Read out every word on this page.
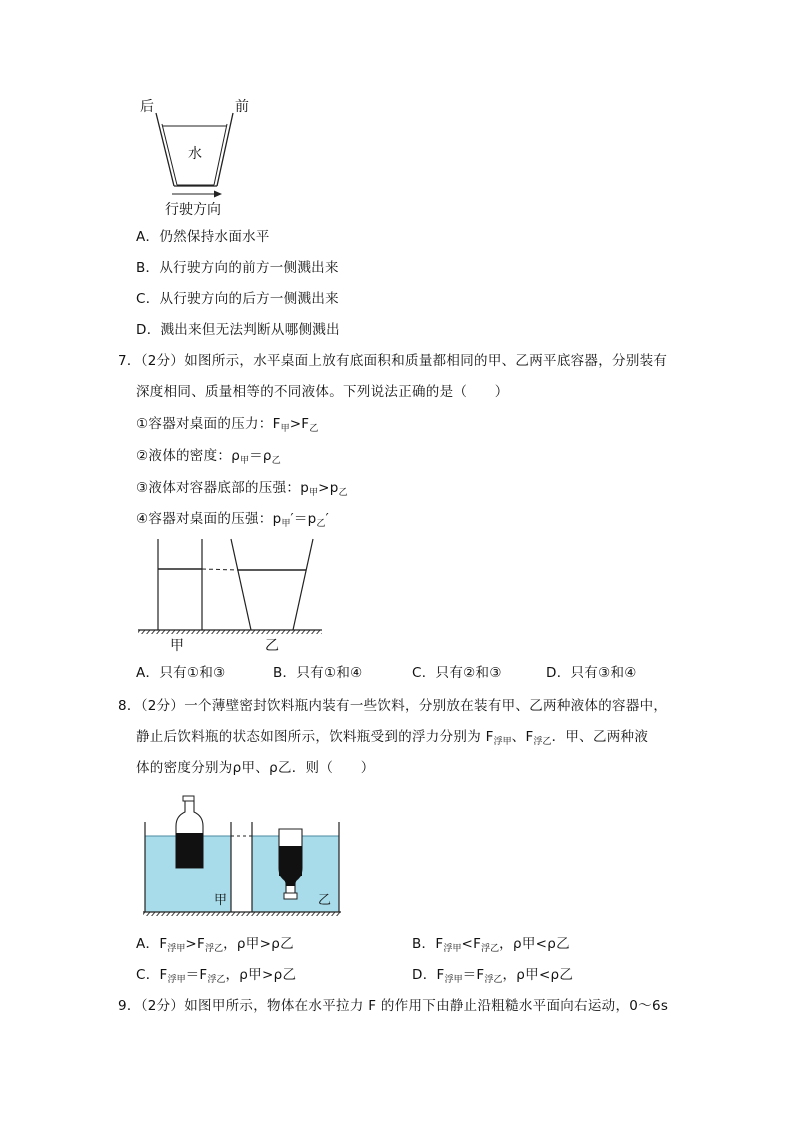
后	前
水
行驶方向
A．仍然保持水面水平
B．从行驶方向的前方一侧溅出来
C．从行驶方向的后方一侧溅出来
D．溅出来但无法判断从哪侧溅出
7．（2分）如图所示，水平桌面上放有底面积和质量都相同的甲、乙两平底容器，分别装有
深度相同、质量相等的不同液体。下列说法正确的是（　　）
①容器对桌面的压力：$F_甲>F_乙$
②液体的密度：$\rho_甲=\rho_乙$
③液体对容器底部的压强：$p_甲>p_乙$
④容器对桌面的压强：$p_甲'=p_乙'$
甲	乙
A．只有①和③	B．只有①和④	C．只有②和③	D．只有③和④
8．（2分）一个薄壁密封饮料瓶内装有一些饮料，分别放在装有甲、乙两种液体的容器中，
静止后饮料瓶的状态如图所示，饮料瓶受到的浮力分别为 $F_{浮甲}$、$F_{浮乙}$．甲、乙两种液
体的密度分别为ρ甲、ρ乙．则（　　）
甲	乙
A．$F_{浮甲}>F_{浮乙}$，ρ甲>ρ乙	B．$F_{浮甲}<F_{浮乙}$，ρ甲<ρ乙
C．$F_{浮甲}=F_{浮乙}$，ρ甲>ρ乙	D．$F_{浮甲}=F_{浮乙}$，ρ甲<ρ乙
9．（2分）如图甲所示，物体在水平拉力 F 的作用下由静止沿粗糙水平面向右运动，0～6s
